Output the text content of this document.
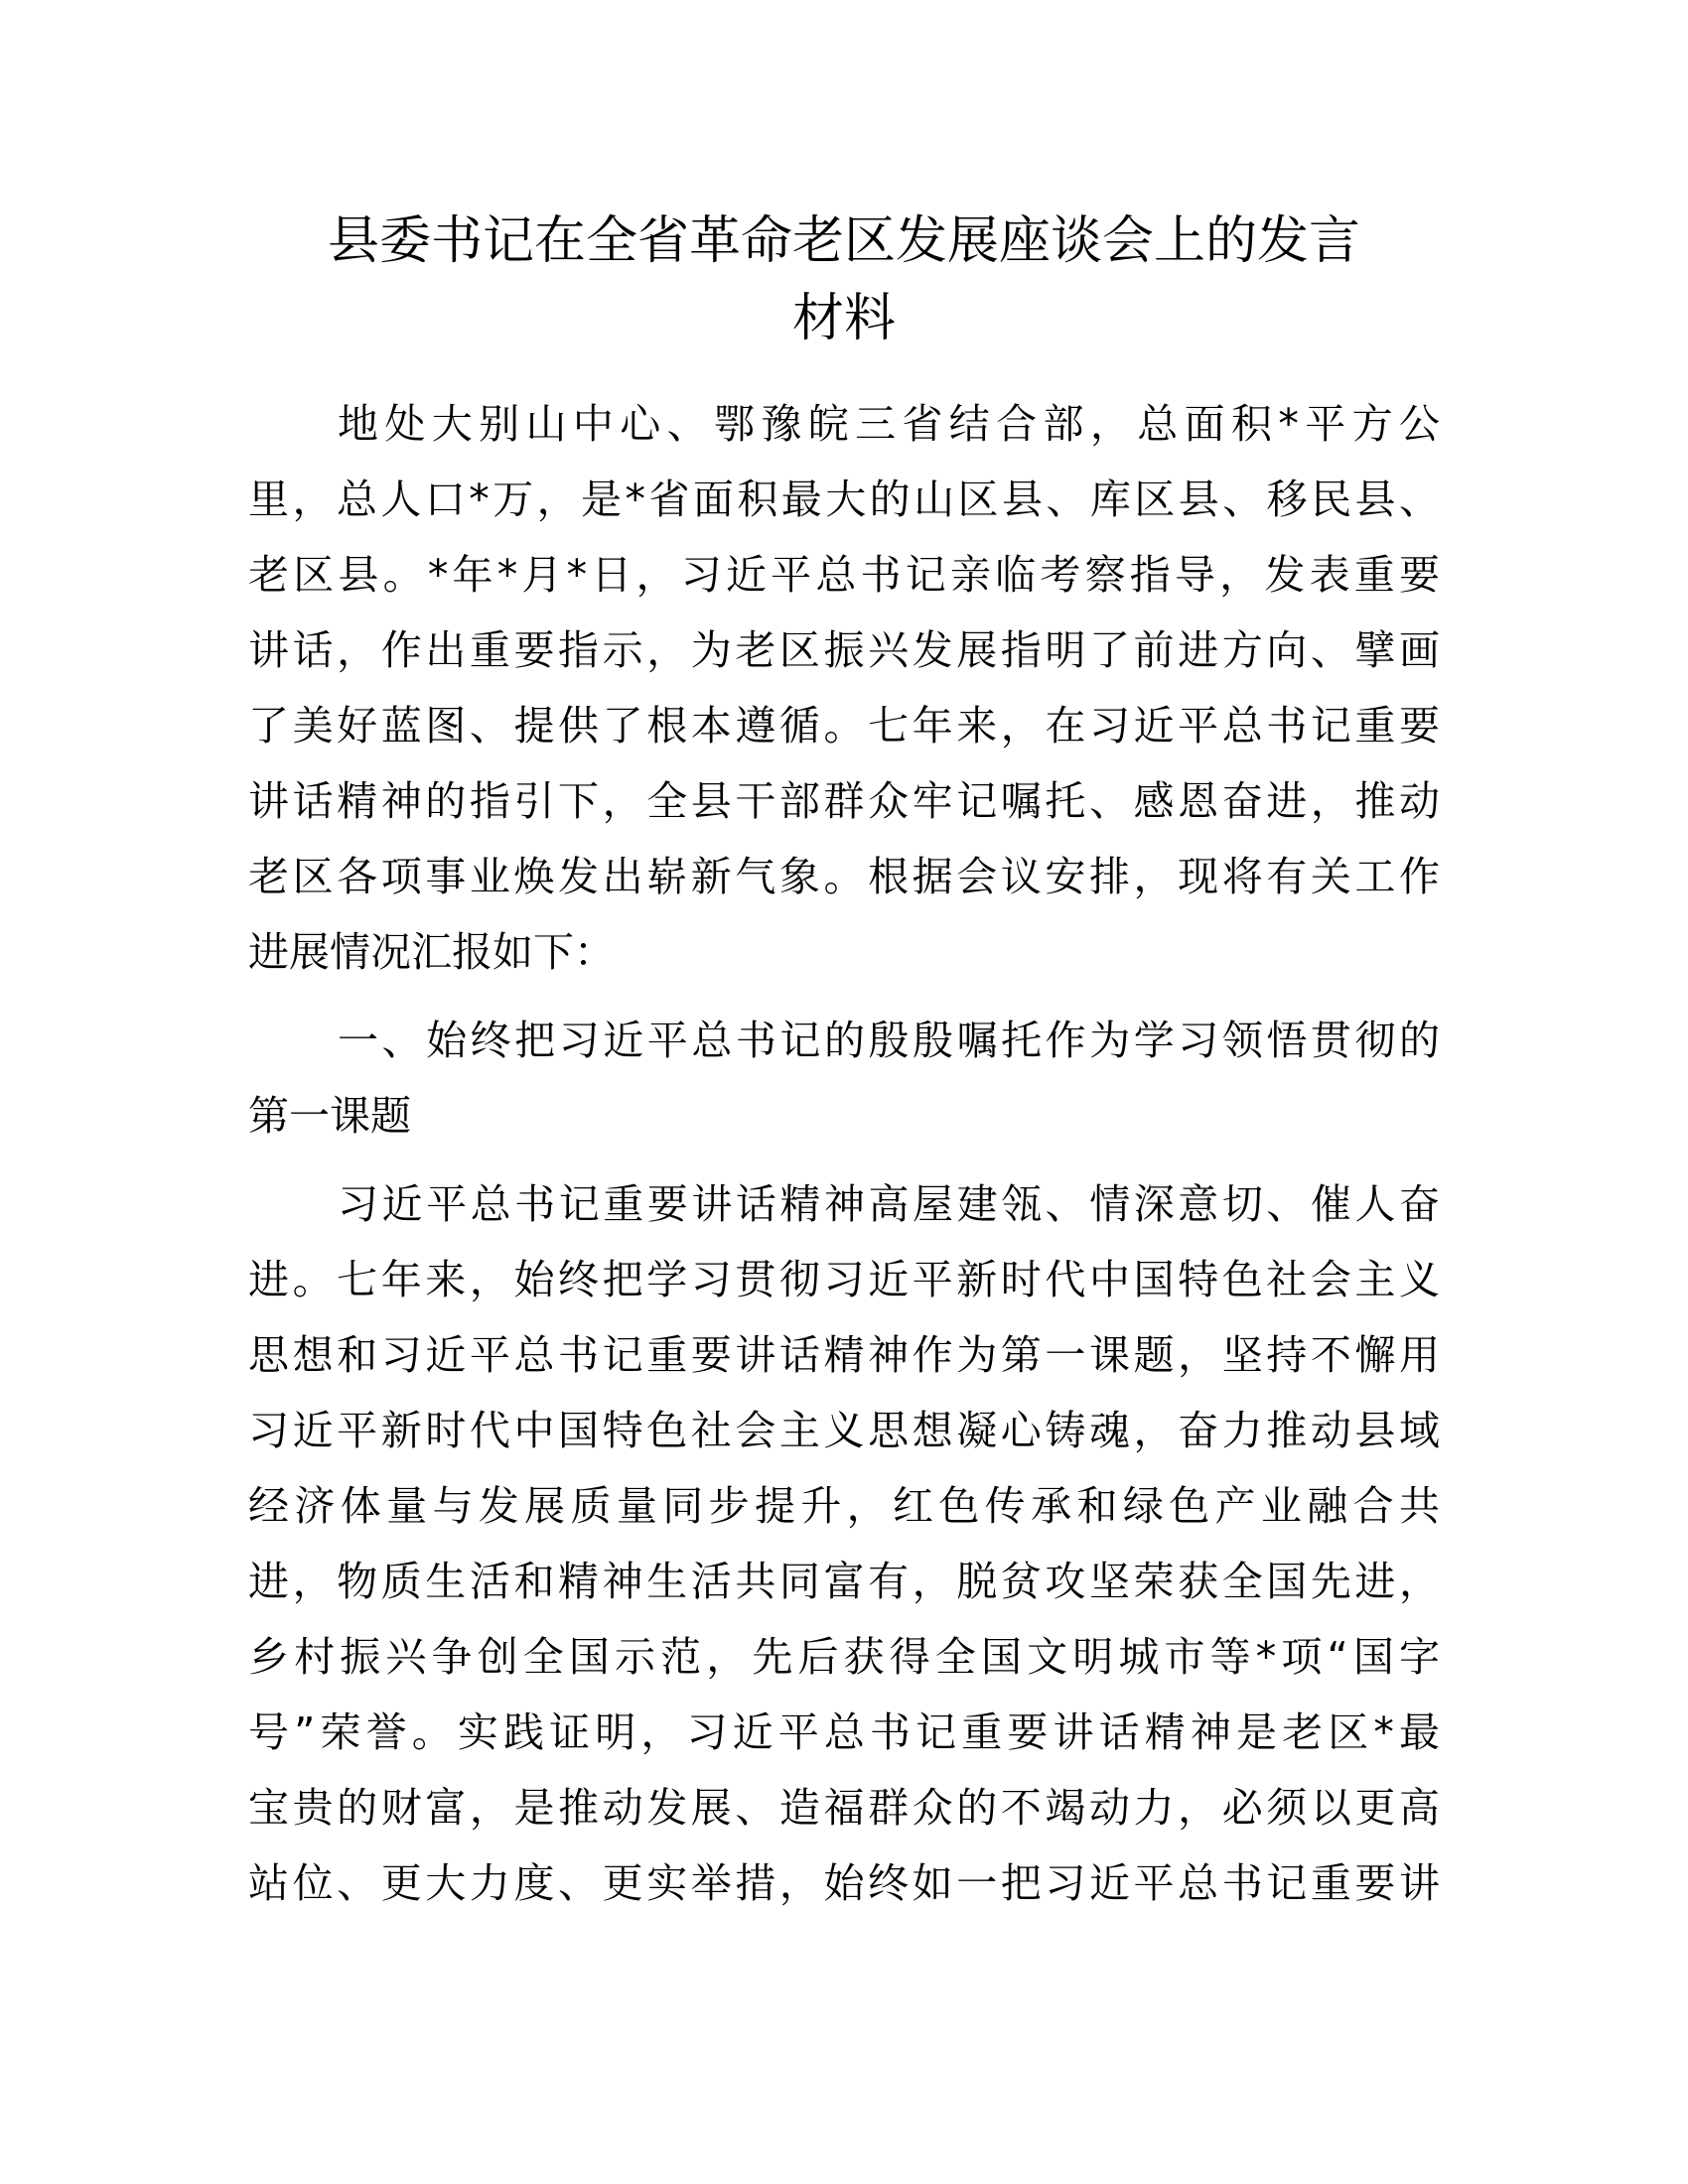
县委书记在全省革命老区发展座谈会上的发言
材料
地处大别山中心、鄂豫皖三省结合部，总面积*平方公
里，总人口*万，是*省面积最大的山区县、库区县、移民县、
老区县。*年*月*日，习近平总书记亲临考察指导，发表重要
讲话，作出重要指示，为老区振兴发展指明了前进方向、擘画
了美好蓝图、提供了根本遵循。七年来，在习近平总书记重要
讲话精神的指引下，全县干部群众牢记嘱托、感恩奋进，推动
老区各项事业焕发出崭新气象。根据会议安排，现将有关工作
进展情况汇报如下：
一、始终把习近平总书记的殷殷嘱托作为学习领悟贯彻的
第一课题
习近平总书记重要讲话精神高屋建瓴、情深意切、催人奋
进。七年来，始终把学习贯彻习近平新时代中国特色社会主义
思想和习近平总书记重要讲话精神作为第一课题，坚持不懈用
习近平新时代中国特色社会主义思想凝心铸魂，奋力推动县域
经济体量与发展质量同步提升，红色传承和绿色产业融合共
进，物质生活和精神生活共同富有，脱贫攻坚荣获全国先进，
乡村振兴争创全国示范，先后获得全国文明城市等*项“国字
号”荣誉。实践证明，习近平总书记重要讲话精神是老区*最
宝贵的财富，是推动发展、造福群众的不竭动力，必须以更高
站位、更大力度、更实举措，始终如一把习近平总书记重要讲
